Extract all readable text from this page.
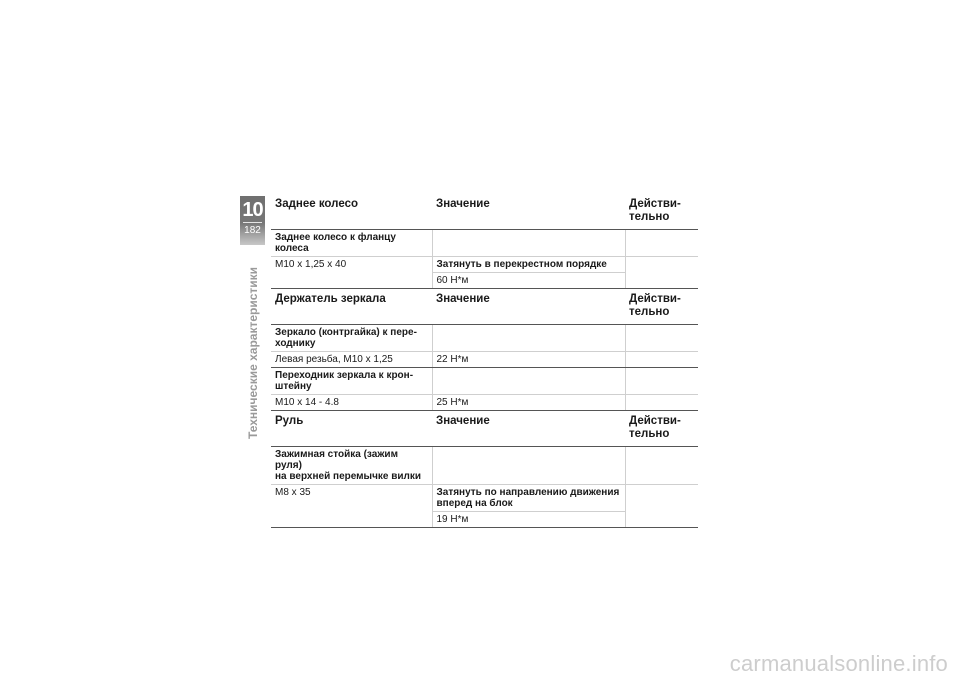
10
182
Технические характеристики
Заднее колесо	Значение	Действи-
тельно
Заднее колесо к фланцу колеса		
M10 x 1,25 x 40	Затянуть в перекрестном порядке	
	60 Н*м	
Держатель зеркала	Значение	Действи-
тельно
Зеркало (контргайка) к пере-
ходнику		
Левая резьба, M10 x 1,25	22 Н*м	
Переходник зеркала к крон-
штейну		
M10 x 14 - 4.8	25 Н*м	
Руль	Значение	Действи-
тельно
Зажимная стойка (зажим руля)
на верхней перемычке вилки		
M8 x 35	Затянуть по направлению движения
вперед на блок	
	19 Н*м	
carmanualsonline.info
